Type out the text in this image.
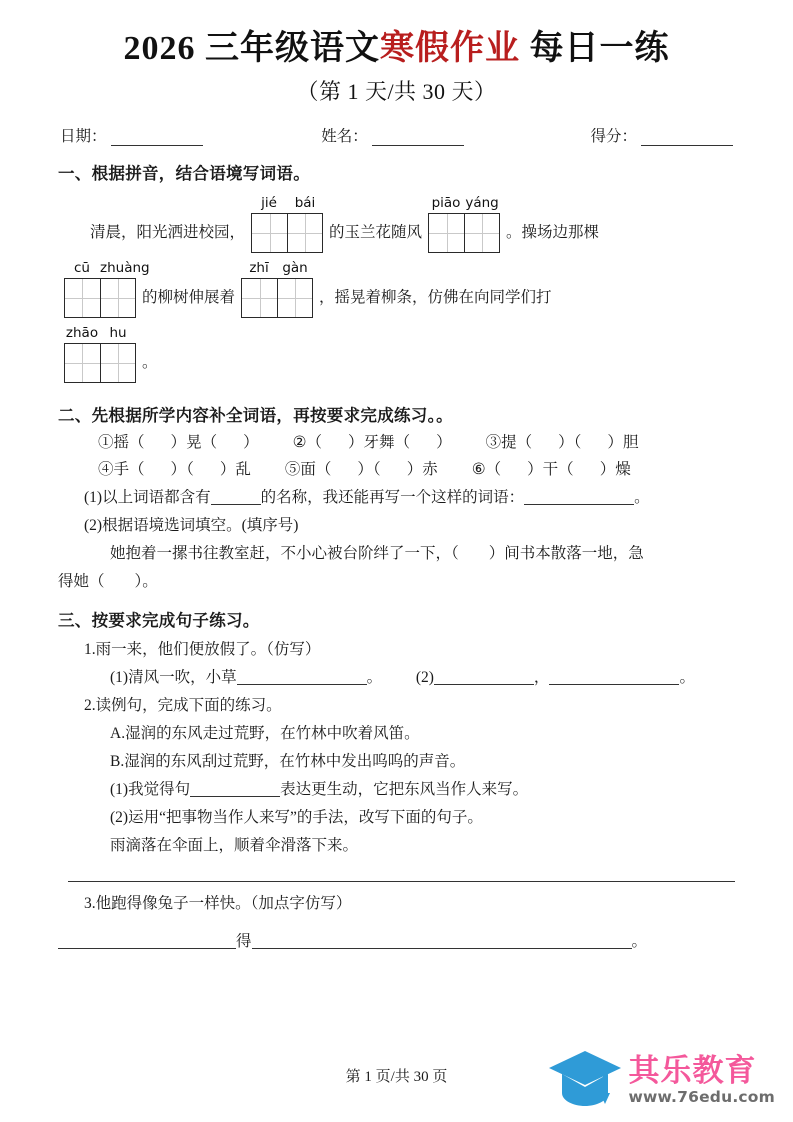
2026 三年级语文寒假作业 每日一练
（第 1 天/共 30 天）
日期：	姓名：	得分：
一、根据拼音，结合语境写词语。
清晨，阳光洒进校园，
jié	bái
的玉兰花随风
piāo yáng
。操场边那棵
cū zhuàng
的柳树伸展着
zhī	gàn
，摇晃着柳条，仿佛在向同学们打
zhāo hu
。
二、先根据所学内容补全词语，再按要求完成练习。。
①摇（ ）晃（ ） ②（ ）牙舞（ ） ③提（ ）（ ）胆
④手（ ）（ ）乱 ⑤面（ ）（ ）赤 ⑥（ ）干（ ）燥
(1)以上词语都含有	的名称，我还能再写一个这样的词语：	。
(2)根据语境选词填空。(填序号)
她抱着一摞书往教室赶，不小心被台阶绊了一下，（ ）间书本散落一地，急
得她（ ）。
三、按要求完成句子练习。
1.雨一来，他们便放假了。（仿写）
(1)清风一吹，小草	。 (2)	，	。
2.读例句，完成下面的练习。
A.湿润的东风走过荒野，在竹林中吹着风笛。
B.湿润的东风刮过荒野，在竹林中发出呜呜的声音。
(1)我觉得句	表达更生动，它把东风当作人来写。
(2)运用“把事物当作人来写”的手法，改写下面的句子。
雨滴落在伞面上，顺着伞滑落下来。
3.他跑得像兔子一样快。（加点字仿写）
得	。
第 1 页/共 30 页	其乐教育
www.76edu.com
